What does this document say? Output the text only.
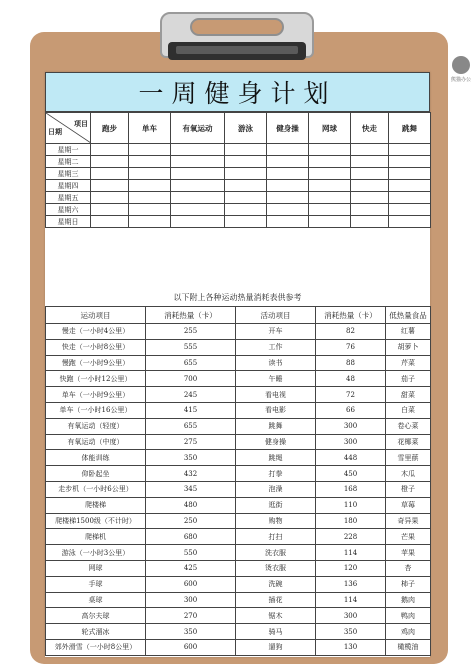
熊猫办公
一周健身计划
项目
日期	跑步	单车	有氧运动	游泳	健身操	网球	快走	跳舞
星期一								
星期二								
星期三								
星期四								
星期五								
星期六								
星期日								
以下附上各种运动热量消耗表供参考
运动项目	消耗热量（卡）	活动项目	消耗热量（卡）	低热量食品
慢走（一小时4公里）	255	开车	82	红薯
快走（一小时8公里）	555	工作	76	胡萝卜
慢跑（一小时9公里）	655	读书	88	芹菜
快跑（一小时12公里）	700	午睡	48	茄子
单车（一小时9公里）	245	看电视	72	甜菜
单车（一小时16公里）	415	看电影	66	白菜
有氧运动（轻度）	655	跳舞	300	卷心菜
有氧运动（中度）	275	健身操	300	花椰菜
体能训练	350	跳绳	448	雪里蕻
仰卧起坐	432	打拳	450	木瓜
走步机（一小时6公里）	345	泡澡	168	橙子
爬楼梯	480	逛街	110	草莓
爬楼梯1500级（不计时）	250	购物	180	奇异果
爬梯机	680	打扫	228	芒果
游泳（一小时3公里）	550	洗衣服	114	苹果
网球	425	烫衣服	120	杏
手球	600	洗碗	136	柿子
桌球	300	插花	114	鹅肉
高尔夫球	270	锯木	300	鸭肉
轮式溜冰	350	骑马	350	鸡肉
郊外滑雪（一小时8公里）	600	遛狗	130	橄榄油
